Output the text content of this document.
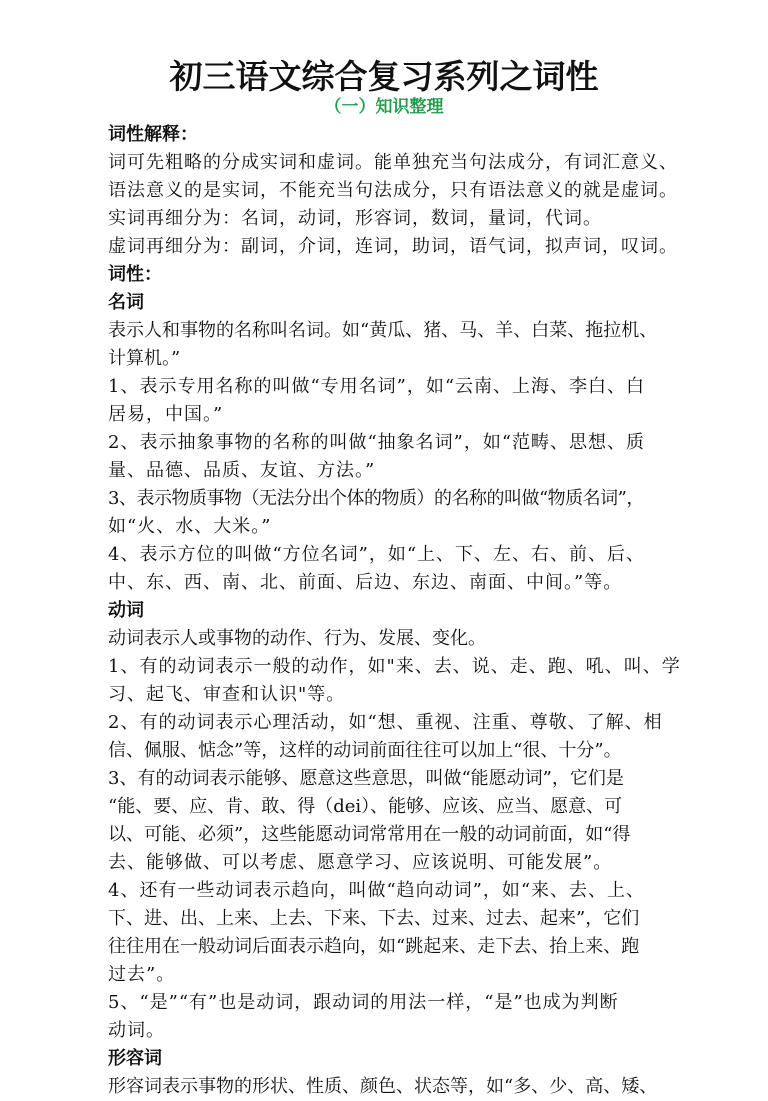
初三语文综合复习系列之词性
（一）知识整理
词性解释：
词可先粗略的分成实词和虚词。能单独充当句法成分，有词汇意义、
语法意义的是实词，不能充当句法成分，只有语法意义的就是虚词。
实词再细分为：名词，动词，形容词，数词，量词，代词。
虚词再细分为：副词，介词，连词，助词，语气词，拟声词，叹词。
词性：
名词
表示人和事物的名称叫名词。如“黄瓜、猪、马、羊、白菜、拖拉机、
计算机。”
1、表示专用名称的叫做“专用名词”，如“云南、上海、李白、白
居易，中国。”
2、表示抽象事物的名称的叫做“抽象名词”，如“范畴、思想、质
量、品德、品质、友谊、方法。”
3、表示物质事物（无法分出个体的物质）的名称的叫做“物质名词”，
如“火、水、大米。”
4、表示方位的叫做“方位名词”，如“上、下、左、右、前、后、
中、东、西、南、北、前面、后边、东边、南面、中间。”等。
动词
动词表示人或事物的动作、行为、发展、变化。
1、有的动词表示一般的动作，如"来、去、说、走、跑、吼、叫、学
习、起飞、审查和认识"等。
2、有的动词表示心理活动，如“想、重视、注重、尊敬、了解、相
信、佩服、惦念”等，这样的动词前面往往可以加上“很、十分”。
3、有的动词表示能够、愿意这些意思，叫做“能愿动词”，它们是
“能、要、应、肯、敢、得（dei）、能够、应该、应当、愿意、可
以、可能、必须”，这些能愿动词常常用在一般的动词前面，如“得
去、能够做、可以考虑、愿意学习、应该说明、可能发展”。
4、还有一些动词表示趋向，叫做“趋向动词”，如“来、去、上、
下、进、出、上来、上去、下来、下去、过来、过去、起来”，它们
往往用在一般动词后面表示趋向，如“跳起来、走下去、抬上来、跑
过去”。
5、“是”“有”也是动词，跟动词的用法一样，“是”也成为判断
动词。
形容词
形容词表示事物的形状、性质、颜色、状态等，如“多、少、高、矮、
